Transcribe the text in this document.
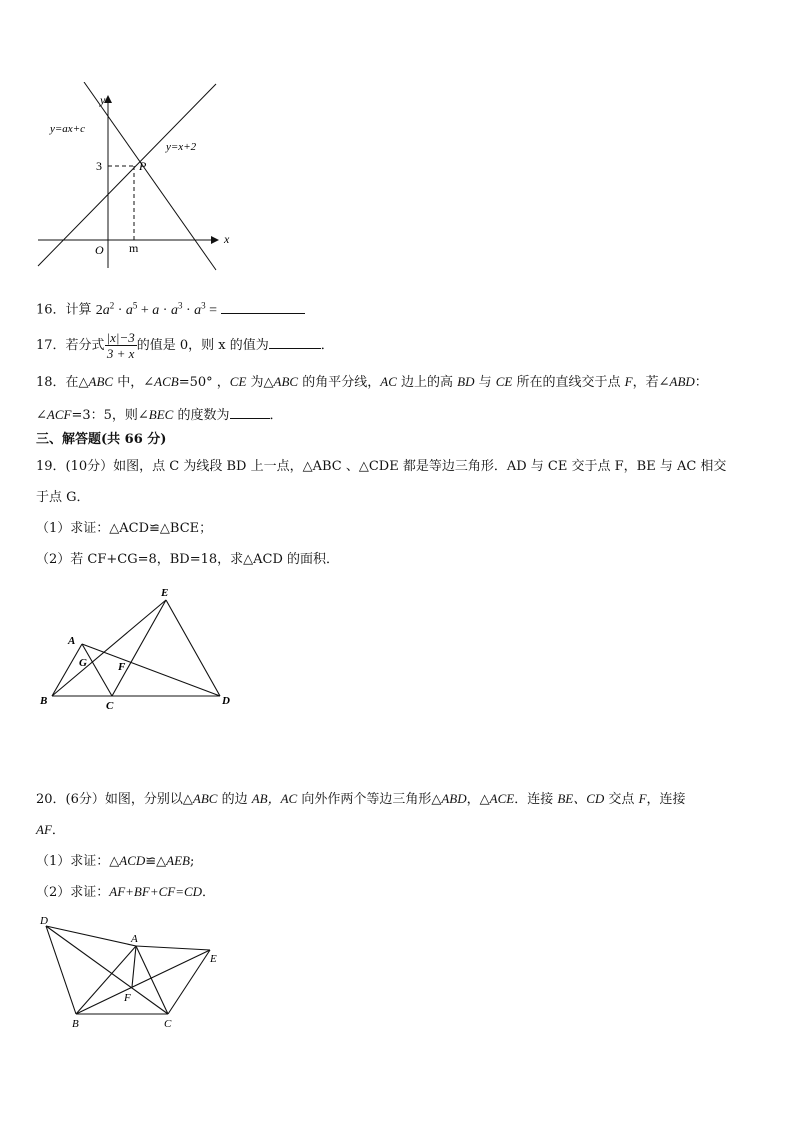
y
x
O m
3	P
y=ax+c
y=x+2
16．计算 $2a^2 \cdot a^5 + a \cdot a^3 \cdot a^3$ =
17．若分式 $\frac{|x|-3}{3 + x}$ 的值是 0，则 x 的值为	．
18．在△ABC 中，∠ACB=50° ，CE 为△ABC 的角平分线，AC 边上的高 BD 与 CE 所在的直线交于点 F，若∠ABD：
∠ACF=3：5，则∠BEC 的度数为	．
三、解答题(共 66 分)
19．(10分）如图，点 C 为线段 BD 上一点，△ABC 、△CDE 都是等边三角形．AD 与 CE 交于点 F，BE 与 AC 相交
于点 G．
（1）求证：△ACD≌△BCE；
（2）若 CF+CG=8，BD=18，求△ACD 的面积．
A
B	C	D
E
F
G
20．(6分）如图，分别以△ABC 的边 AB，AC 向外作两个等边三角形△ABD，△ACE．连接 BE、CD 交点 F，连接
AF．
（1）求证：△ACD≌△AEB;
（2）求证：AF+BF+CF=CD．
D
A
E
F
B	C
